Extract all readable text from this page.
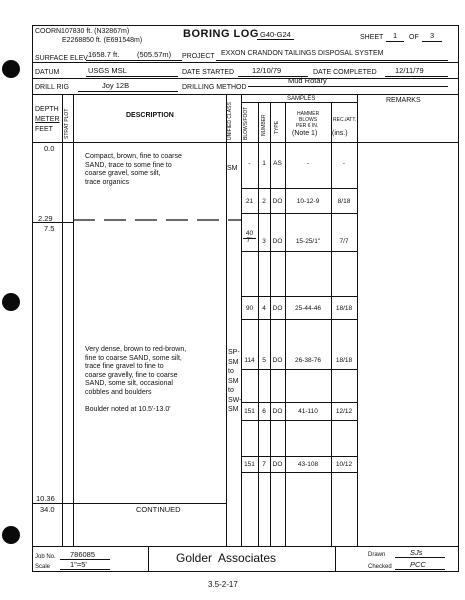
COOR.
N107830 ft. (N32867m)
E2268850 ft. (E691548m)
BORING LOG G40-G24	SHEET 1 OF 3
SURFACE ELEV 1658.7 ft. (505.57m) PROJECT EXXON CRANDON TAILINGS DISPOSAL SYSTEM
DATUM	USGS MSL	DATE STARTED 12/10/79	DATE COMPLETED 12/11/79
DRILL RIG	Joy 12B	DRILLING METHOD
Mud Rotary
DEPTH
METER
FEET STRAT PLOT	DESCRIPTION	UNIFIED CLASS BLOWS/FOOT
SAMPLES
NUMBER TYPE
HAMMER
BLOWS
PER 6 IN.
(Note 1)
REC./ATT.
(ins.)
REMARKS
0.0
2.29
7.5
10.36
34.0
Compact, brown, fine to coarse
SAND, trace to some fine to
coarse gravel, some silt,
trace organics
SM
Very dense, brown to red-brown,
fine to coarse SAND, some silt,
trace fine gravel to fine to
coarse gravelly, fine to coarse
SAND, some silt, occasional
cobbles and boulders
SP-
SM
to
SM
to
SW-
SM
Boulder noted at 10.5'-13.0'
CONTINUED
-	1	AS	-	-
21	2	DO	10-12-9	8/18
40
7"	3	DO	15-25/1"	7/7
90	4	DO	25-44-46	18/18
114	5	DO	26-38-76	18/18
151	6	DO	41-110	12/12
151	7	DO	43-108	10/12
Job No. 786085
Scale	1"=5'	Golder  Associates	Drawn	SJs
Checked PCC
3.5-2-17
